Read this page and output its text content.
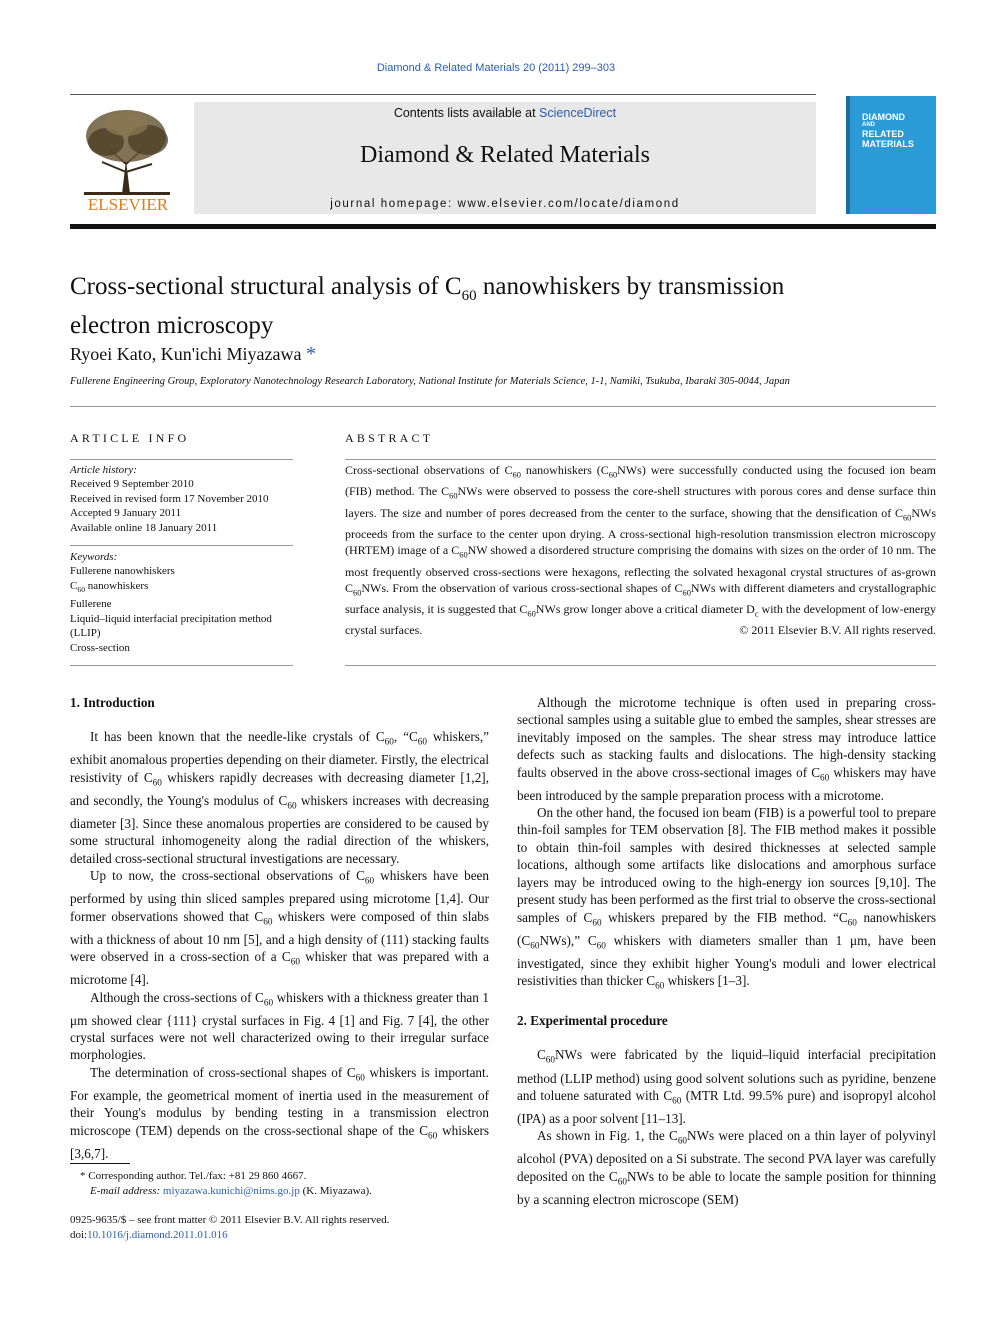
Diamond & Related Materials 20 (2011) 299–303
ELSEVIER
Contents lists available at ScienceDirect
Diamond & Related Materials
journal homepage: www.elsevier.com/locate/diamond
DIAMOND
AND
RELATED
MATERIALS
Cross-sectional structural analysis of $C_{60}$ nanowhiskers by transmission electron microscopy
Ryoei Kato, Kun'ichi Miyazawa *
Fullerene Engineering Group, Exploratory Nanotechnology Research Laboratory, National Institute for Materials Science, 1-1, Namiki, Tsukuba, Ibaraki 305-0044, Japan
ARTICLE INFO	ABSTRACT
Article history:
Received 9 September 2010
Received in revised form 17 November 2010
Accepted 9 January 2011
Available online 18 January 2011
Keywords:
Fullerene nanowhiskers
$C_{60}$ nanowhiskers
Fullerene
Liquid–liquid interfacial precipitation method (LLIP)
Cross-section
Cross-sectional observations of $C_{60}$ nanowhiskers $(C_{60}NWs)$ were successfully conducted using the focused ion beam (FIB) method. The $C_{60}NWs$ were observed to possess the core-shell structures with porous cores and dense surface thin layers. The size and number of pores decreased from the center to the surface, showing that the densification of $C_{60}NWs$ proceeds from the surface to the center upon drying. A cross-sectional high-resolution transmission electron microscopy (HRTEM) image of a $C_{60}NW$ showed a disordered structure comprising the domains with sizes on the order of 10 nm. The most frequently observed cross-sections were hexagons, reflecting the solvated hexagonal crystal structures of as-grown $C_{60}NWs$. From the observation of various cross-sectional shapes of $C_{60}NWs$ with different diameters and crystallographic surface analysis, it is suggested that $C_{60}NWs$ grow longer above a critical diameter $D_c$ with the development of low-energy crystal surfaces.	© 2011 Elsevier B.V. All rights reserved.
1. Introduction

It has been known that the needle-like crystals of $C_{60}$, “$C_{60}$ whiskers,” exhibit anomalous properties depending on their diameter. Firstly, the electrical resistivity of $C_{60}$ whiskers rapidly decreases with decreasing diameter [1,2], and secondly, the Young's modulus of $C_{60}$ whiskers increases with decreasing diameter [3]. Since these anomalous properties are considered to be caused by some structural inhomogeneity along the radial direction of the whiskers, detailed cross-sectional structural investigations are necessary.

Up to now, the cross-sectional observations of $C_{60}$ whiskers have been performed by using thin sliced samples prepared using microtome [1,4]. Our former observations showed that $C_{60}$ whiskers were composed of thin slabs with a thickness of about 10 nm [5], and a high density of (111) stacking faults were observed in a cross-section of a $C_{60}$ whisker that was prepared with a microtome [4].

Although the cross-sections of $C_{60}$ whiskers with a thickness greater than 1 μm showed clear {111} crystal surfaces in Fig. 4 [1] and Fig. 7 [4], the other crystal surfaces were not well characterized owing to their irregular surface morphologies.

The determination of cross-sectional shapes of $C_{60}$ whiskers is important. For example, the geometrical moment of inertia used in the measurement of their Young's modulus by bending testing in a transmission electron microscope (TEM) depends on the cross-sectional shape of the $C_{60}$ whiskers [3,6,7].

Although the microtome technique is often used in preparing cross-sectional samples using a suitable glue to embed the samples, shear stresses are inevitably imposed on the samples. The shear stress may introduce lattice defects such as stacking faults and dislocations. The high-density stacking faults observed in the above cross-sectional images of $C_{60}$ whiskers may have been introduced by the sample preparation process with a microtome.

On the other hand, the focused ion beam (FIB) is a powerful tool to prepare thin-foil samples for TEM observation [8]. The FIB method makes it possible to obtain thin-foil samples with desired thicknesses at selected sample locations, although some artifacts like dislocations and amorphous surface layers may be introduced owing to the high-energy ion sources [9,10]. The present study has been performed as the first trial to observe the cross-sectional samples of $C_{60}$ whiskers prepared by the FIB method. “$C_{60}$ nanowhiskers $(C_{60}NWs)$,” $C_{60}$ whiskers with diameters smaller than 1 μm, have been investigated, since they exhibit higher Young's moduli and lower electrical resistivities than thicker $C_{60}$ whiskers [1–3].

2. Experimental procedure

$C_{60}NWs$ were fabricated by the liquid–liquid interfacial precipitation method (LLIP method) using good solvent solutions such as pyridine, benzene and toluene saturated with $C_{60}$ (MTR Ltd. 99.5% pure) and isopropyl alcohol (IPA) as a poor solvent [11–13].

As shown in Fig. 1, the $C_{60}NWs$ were placed on a thin layer of polyvinyl alcohol (PVA) deposited on a Si substrate. The second PVA layer was carefully deposited on the $C_{60}NWs$ to be able to locate the sample position for thinning by a scanning electron microscope (SEM)

* Corresponding author. Tel./fax: +81 29 860 4667.
E-mail address: miyazawa.kunichi@nims.go.jp (K. Miyazawa).
0925-9635/$ – see front matter © 2011 Elsevier B.V. All rights reserved.
doi:10.1016/j.diamond.2011.01.016
